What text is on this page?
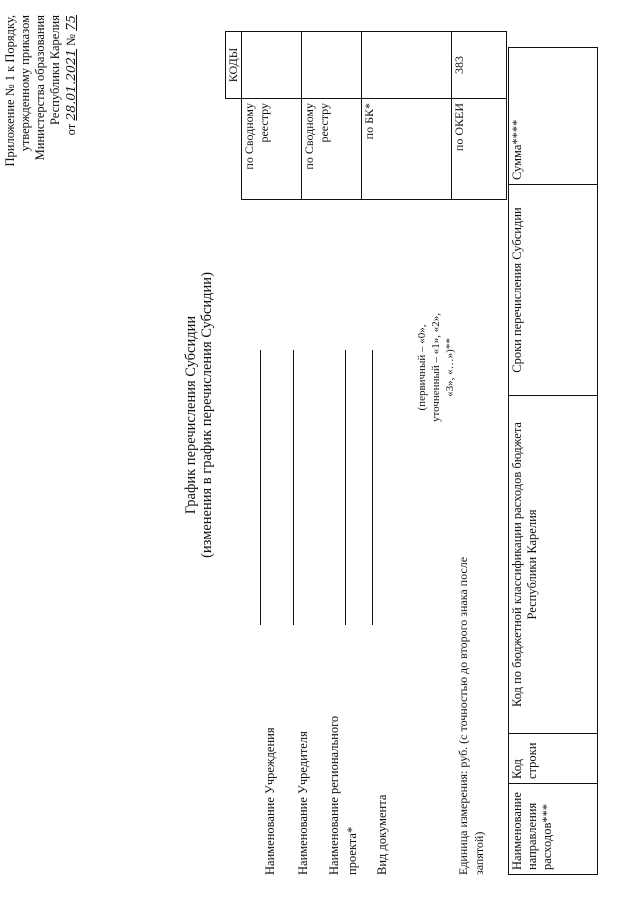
Приложение № 1 к Порядку, утвержденному приказом Министерства образования Республики Карелия
от 28.01.2021 № 75
График перечисления Субсидии (изменения в график перечисления Субсидии)
	КОДЫ
по Сводному реестру	
по Сводному реестру	
по БК*	
по ОКЕИ	383
Наименование Учреждения Наименование Учредителя Наименование регионального проекта* Вид документа
(первичный – «0», уточненный – «1», «2», «3», «…»)**
Единица измерения: руб. (с точностью до второго знака после запятой) Наименование направления расходов***	Код строки	Код по бюджетной классификации расходов бюджета Республики Карелия	Сроки перечисления Субсидии	Сумма****
